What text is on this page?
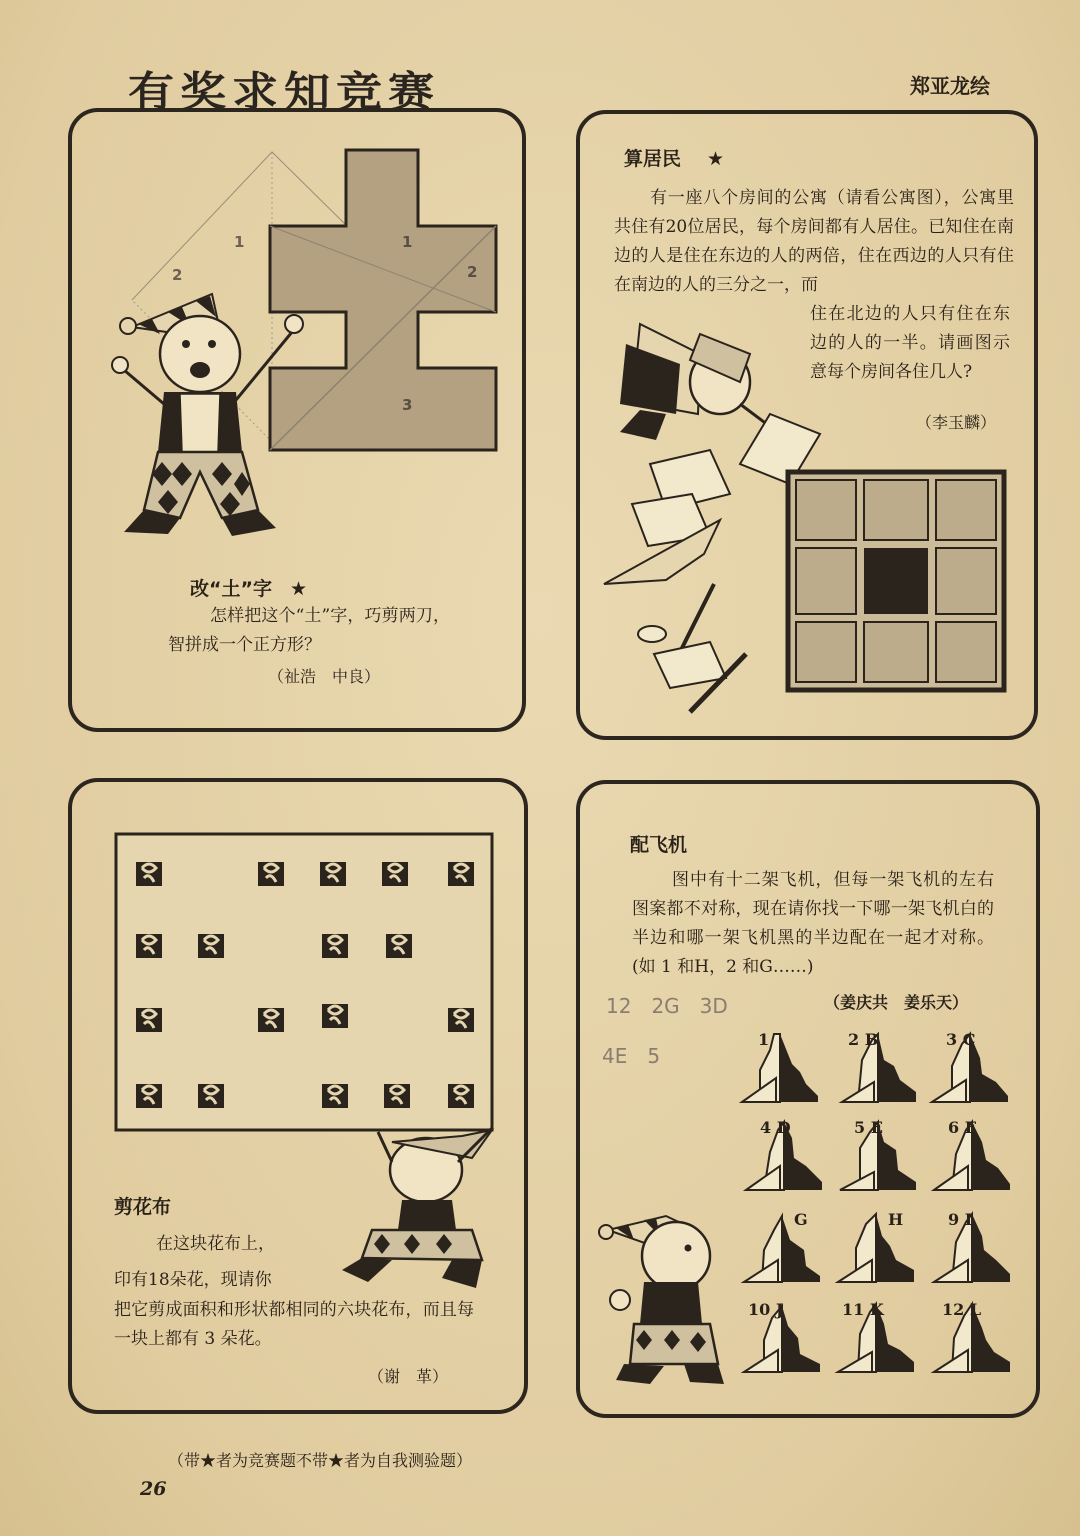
有奖求知竞赛	郑亚龙绘
1
2
3
1
2
改“土”字 ★
怎样把这个“土”字，巧剪两刀，智拼成一个正方形？
（祉浩　中良）
算居民 ★
有一座八个房间的公寓（请看公寓图），公寓里共住有20位居民，每个房间都有人居住。已知住在南边的人是住在东边的人的两倍，住在西边的人只有住在南边的人的三分之一，而
住在北边的人只有住在东边的人的一半。请画图示意每个房间各住几人?
（李玉麟）
剪花布
在这块花布上，
印有18朵花，现请你
把它剪成面积和形状都相同的六块花布，而且每一块上都有 3 朵花。
（谢　革）
配飞机
图中有十二架飞机，但每一架飞机的左右图案都不对称，现在请你找一下哪一架飞机白的半边和哪一架飞机黑的半边配在一起才对称。(如 1 和H，2 和G……)
12　2G　3D
4E　5
（姜庆共　姜乐天）
1	2 B	3 C
4 D	5 E	6 F
G	H	9 I
10 J	11 K	12 L
（带★者为竞赛题不带★者为自我测验题）
26
